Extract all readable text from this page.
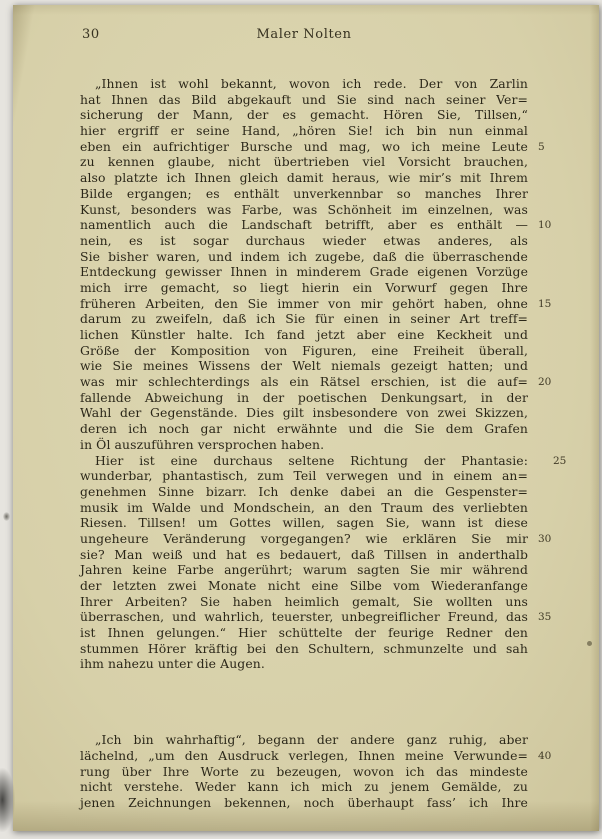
30	Maler Nolten
„Ihnen ist wohl bekannt, wovon ich rede. Der von Zarlin
hat Ihnen das Bild abgekauft und Sie sind nach seiner Ver=
sicherung der Mann, der es gemacht. Hören Sie, Tillsen,“
hier ergriff er seine Hand, „hören Sie! ich bin nun einmal
eben ein aufrichtiger Bursche und mag, wo ich meine Leute 5
zu kennen glaube, nicht übertrieben viel Vorsicht brauchen,
also platzte ich Ihnen gleich damit heraus, wie mir’s mit Ihrem
Bilde ergangen; es enthält unverkennbar so manches Ihrer
Kunst, besonders was Farbe, was Schönheit im einzelnen, was
namentlich auch die Landschaft betrifft, aber es enthält — 10
nein, es ist sogar durchaus wieder etwas anderes, als
Sie bisher waren, und indem ich zugebe, daß die überraschende
Entdeckung gewisser Ihnen in minderem Grade eigenen Vorzüge
mich irre gemacht, so liegt hierin ein Vorwurf gegen Ihre
früheren Arbeiten, den Sie immer von mir gehört haben, ohne 15
darum zu zweifeln, daß ich Sie für einen in seiner Art treff=
lichen Künstler halte. Ich fand jetzt aber eine Keckheit und
Größe der Komposition von Figuren, eine Freiheit überall,
wie Sie meines Wissens der Welt niemals gezeigt hatten; und
was mir schlechterdings als ein Rätsel erschien, ist die auf= 20
fallende Abweichung in der poetischen Denkungsart, in der
Wahl der Gegenstände. Dies gilt insbesondere von zwei Skizzen,
deren ich noch gar nicht erwähnte und die Sie dem Grafen
in Öl auszuführen versprochen haben.
Hier ist eine durchaus seltene Richtung der Phantasie:	25
wunderbar, phantastisch, zum Teil verwegen und in einem an=
genehmen Sinne bizarr. Ich denke dabei an die Gespenster=
musik im Walde und Mondschein, an den Traum des verliebten
Riesen. Tillsen! um Gottes willen, sagen Sie, wann ist diese
ungeheure Veränderung vorgegangen? wie erklären Sie mir 30
sie? Man weiß und hat es bedauert, daß Tillsen in anderthalb
Jahren keine Farbe angerührt; warum sagten Sie mir während
der letzten zwei Monate nicht eine Silbe vom Wiederanfange
Ihrer Arbeiten? Sie haben heimlich gemalt, Sie wollten uns
überraschen, und wahrlich, teuerster, unbegreiflicher Freund, das 35
ist Ihnen gelungen.“ Hier schüttelte der feurige Redner den
stummen Hörer kräftig bei den Schultern, schmunzelte und sah
ihm nahezu unter die Augen.
„Ich bin wahrhaftig“, begann der andere ganz ruhig, aber
lächelnd, „um den Ausdruck verlegen, Ihnen meine Verwunde= 40
rung über Ihre Worte zu bezeugen, wovon ich das mindeste
nicht verstehe. Weder kann ich mich zu jenem Gemälde, zu
jenen Zeichnungen bekennen, noch überhaupt fass’ ich Ihre
